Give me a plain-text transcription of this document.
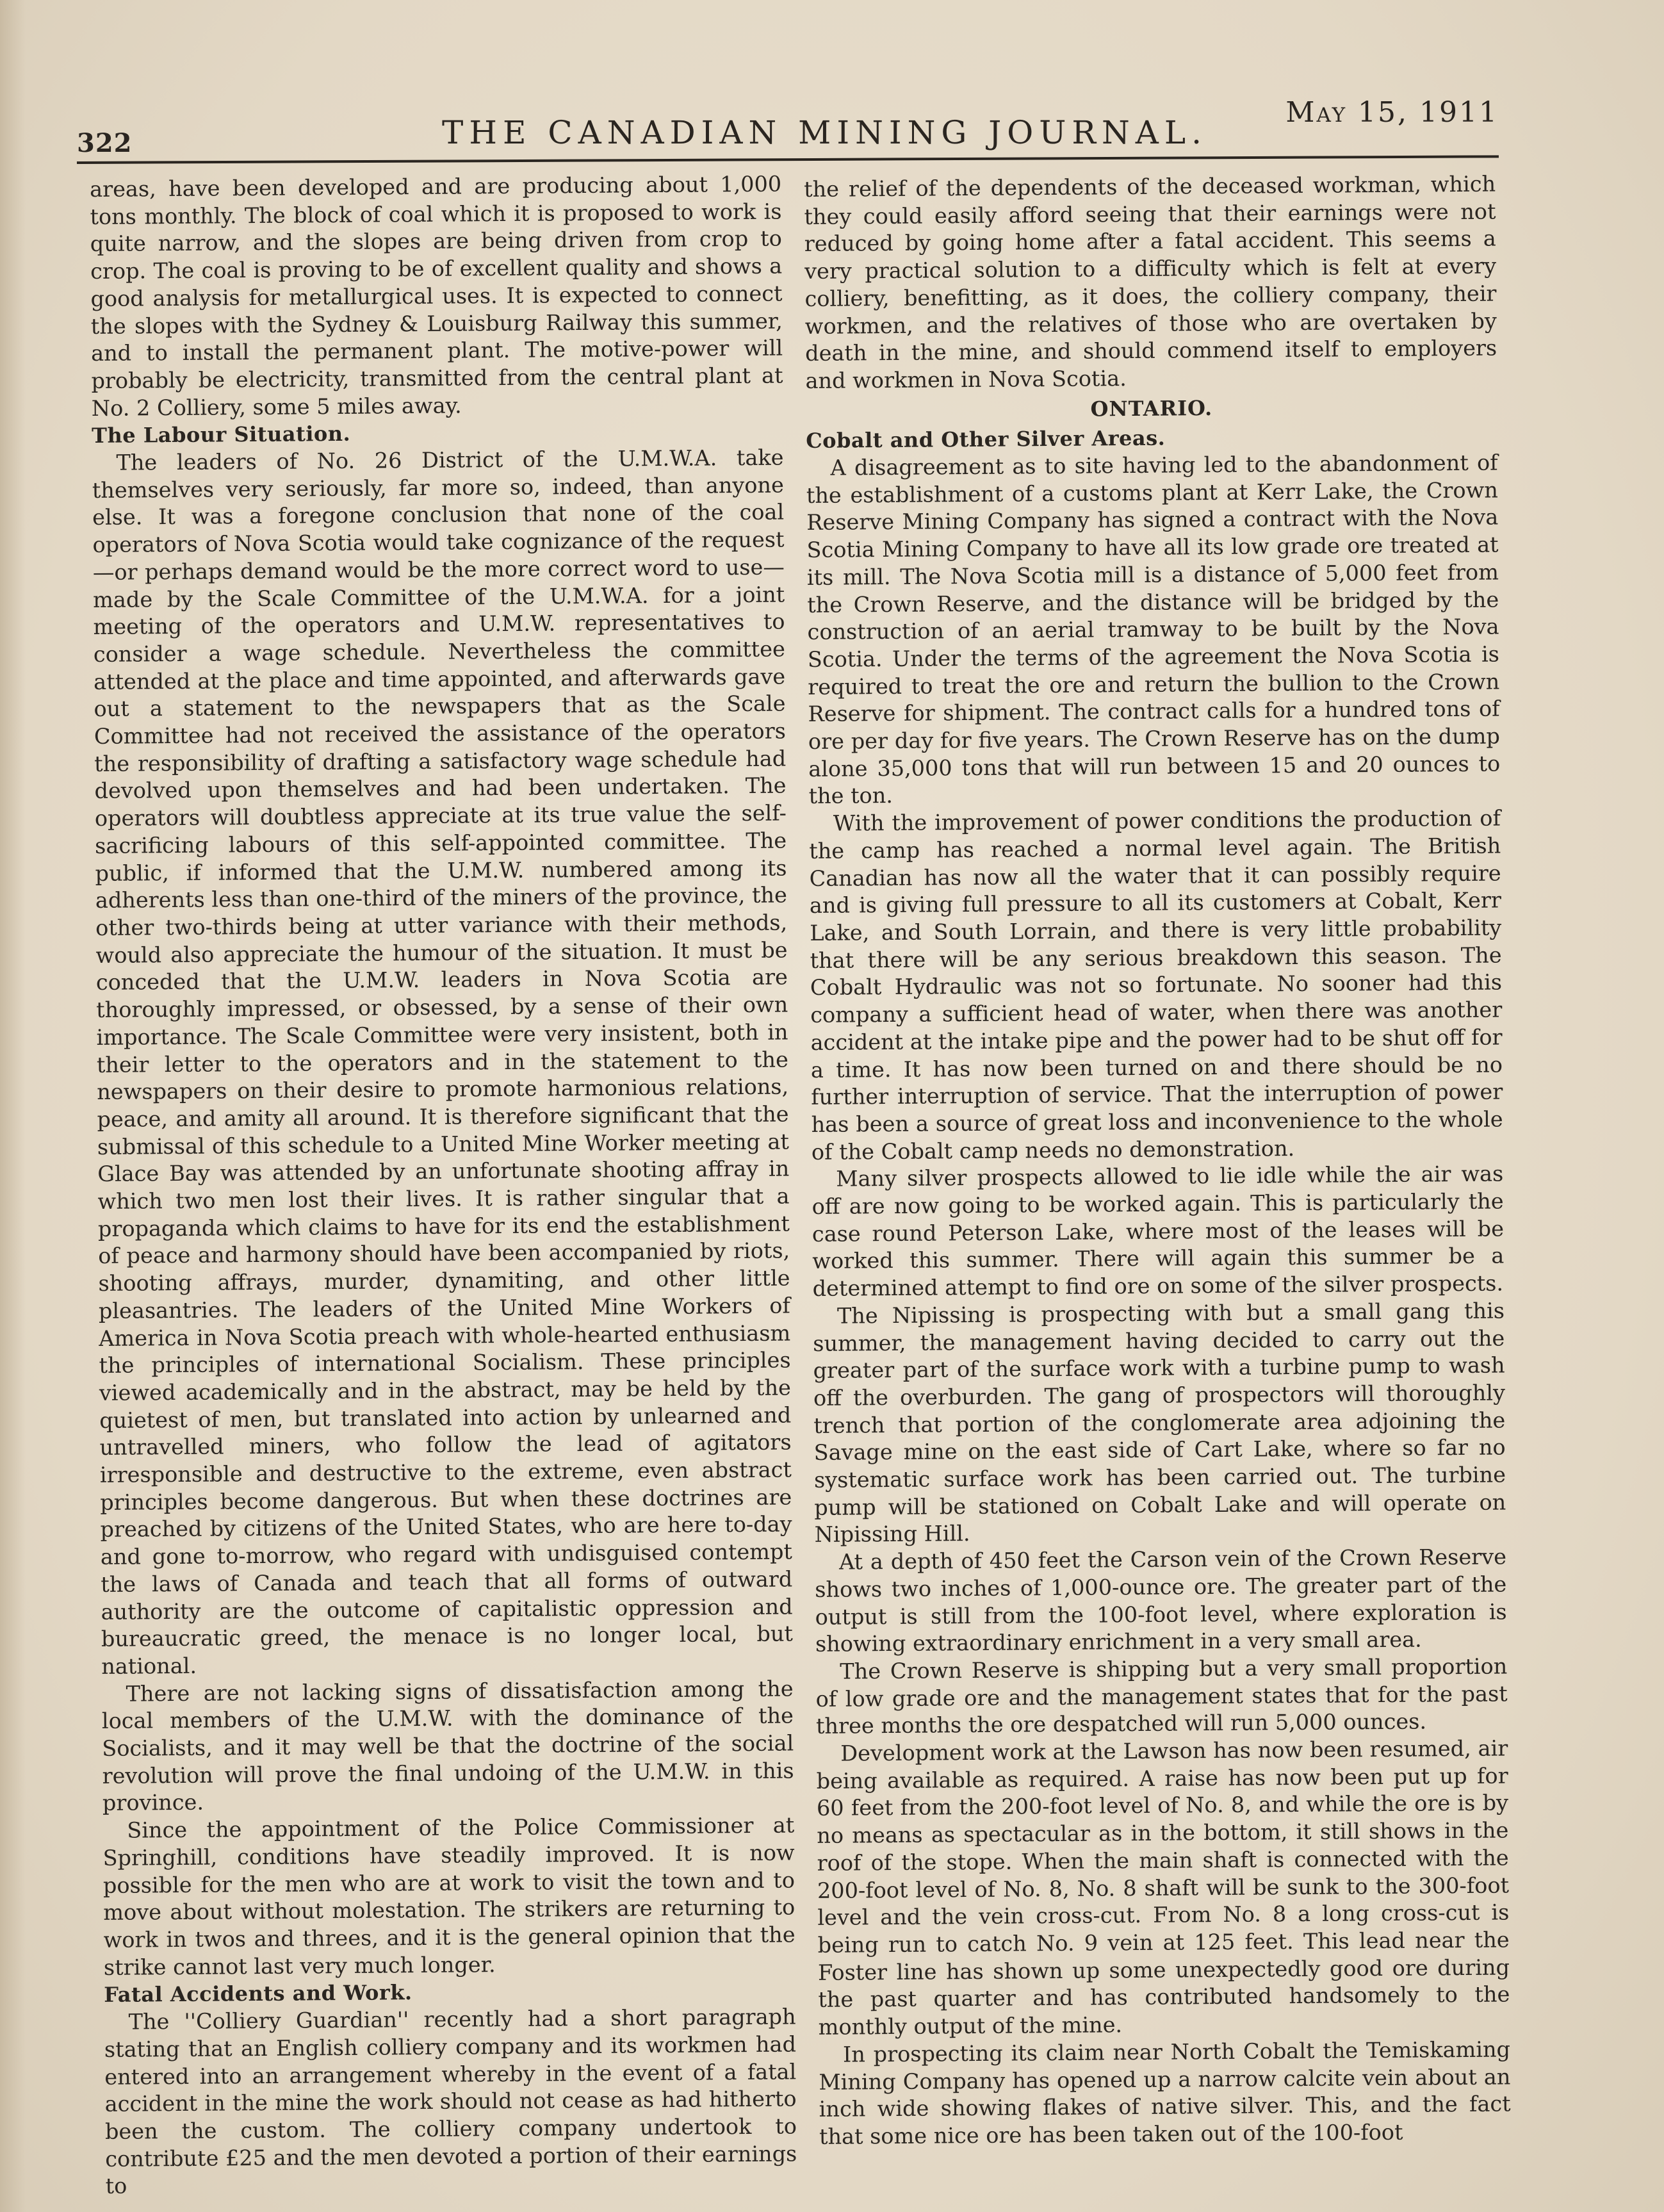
322	THE CANADIAN MINING JOURNAL.
May 15, 1911

areas, have been developed and are producing about 1,000 tons monthly. The block of coal which it is proposed to work is quite narrow, and the slopes are being driven from crop to crop. The coal is proving to be of excellent quality and shows a good analysis for metallurgical uses. It is expected to connect the slopes with the Sydney & Louisburg Railway this summer, and to install the permanent plant. The motive-power will probably be electricity, transmitted from the central plant at No. 2 Colliery, some 5 miles away.

The Labour Situation.

The leaders of No. 26 District of the U.M.W.A. take themselves very seriously, far more so, indeed, than anyone else. It was a foregone conclusion that none of the coal operators of Nova Scotia would take cognizance of the request—or perhaps demand would be the more correct word to use—made by the Scale Committee of the U.M.W.A. for a joint meeting of the operators and U.M.W. representatives to consider a wage schedule. Nevertheless the committee attended at the place and time appointed, and afterwards gave out a statement to the newspapers that as the Scale Committee had not received the assistance of the operators the responsibility of drafting a satisfactory wage schedule had devolved upon themselves and had been undertaken. The operators will doubtless appreciate at its true value the self-sacrificing labours of this self-appointed committee. The public, if informed that the U.M.W. numbered among its adherents less than one-third of the miners of the province, the other two-thirds being at utter variance with their methods, would also appreciate the humour of the situation. It must be conceded that the U.M.W. leaders in Nova Scotia are thoroughly impressed, or obsessed, by a sense of their own importance. The Scale Committee were very insistent, both in their letter to the operators and in the statement to the newspapers on their desire to promote harmonious relations, peace, and amity all around. It is therefore significant that the submissal of this schedule to a United Mine Worker meeting at Glace Bay was attended by an unfortunate shooting affray in which two men lost their lives. It is rather singular that a propaganda which claims to have for its end the establishment of peace and harmony should have been accompanied by riots, shooting affrays, murder, dynamiting, and other little pleasantries. The leaders of the United Mine Workers of America in Nova Scotia preach with whole-hearted enthusiasm the principles of international Socialism. These principles viewed academically and in the abstract, may be held by the quietest of men, but translated into action by unlearned and untravelled miners, who follow the lead of agitators irresponsible and destructive to the extreme, even abstract principles become dangerous. But when these doctrines are preached by citizens of the United States, who are here to-day and gone to-morrow, who regard with undisguised contempt the laws of Canada and teach that all forms of outward authority are the outcome of capitalistic oppression and bureaucratic greed, the menace is no longer local, but national.

There are not lacking signs of dissatisfaction among the local members of the U.M.W. with the dominance of the Socialists, and it may well be that the doctrine of the social revolution will prove the final undoing of the U.M.W. in this province.

Since the appointment of the Police Commissioner at Springhill, conditions have steadily improved. It is now possible for the men who are at work to visit the town and to move about without molestation. The strikers are returning to work in twos and threes, and it is the general opinion that the strike cannot last very much longer.

Fatal Accidents and Work.

The ''Colliery Guardian'' recently had a short paragraph stating that an English colliery company and its workmen had entered into an arrangement whereby in the event of a fatal accident in the mine the work should not cease as had hitherto been the custom. The colliery company undertook to contribute £25 and the men devoted a portion of their earnings to

the relief of the dependents of the deceased workman, which they could easily afford seeing that their earnings were not reduced by going home after a fatal accident. This seems a very practical solution to a difficulty which is felt at every colliery, benefitting, as it does, the colliery company, their workmen, and the relatives of those who are overtaken by death in the mine, and should commend itself to employers and workmen in Nova Scotia.

ONTARIO.
Cobalt and Other Silver Areas.

A disagreement as to site having led to the abandonment of the establishment of a customs plant at Kerr Lake, the Crown Reserve Mining Company has signed a contract with the Nova Scotia Mining Company to have all its low grade ore treated at its mill. The Nova Scotia mill is a distance of 5,000 feet from the Crown Reserve, and the distance will be bridged by the construction of an aerial tramway to be built by the Nova Scotia. Under the terms of the agreement the Nova Scotia is required to treat the ore and return the bullion to the Crown Reserve for shipment. The contract calls for a hundred tons of ore per day for five years. The Crown Reserve has on the dump alone 35,000 tons that will run between 15 and 20 ounces to the ton.

With the improvement of power conditions the production of the camp has reached a normal level again. The British Canadian has now all the water that it can possibly require and is giving full pressure to all its customers at Cobalt, Kerr Lake, and South Lorrain, and there is very little probability that there will be any serious breakdown this season. The Cobalt Hydraulic was not so fortunate. No sooner had this company a sufficient head of water, when there was another accident at the intake pipe and the power had to be shut off for a time. It has now been turned on and there should be no further interruption of service. That the interruption of power has been a source of great loss and inconvenience to the whole of the Cobalt camp needs no demonstration.

Many silver prospects allowed to lie idle while the air was off are now going to be worked again. This is particularly the case round Peterson Lake, where most of the leases will be worked this summer. There will again this summer be a determined attempt to find ore on some of the silver prospects.

The Nipissing is prospecting with but a small gang this summer, the management having decided to carry out the greater part of the surface work with a turbine pump to wash off the overburden. The gang of prospectors will thoroughly trench that portion of the conglomerate area adjoining the Savage mine on the east side of Cart Lake, where so far no systematic surface work has been carried out. The turbine pump will be stationed on Cobalt Lake and will operate on Nipissing Hill.

At a depth of 450 feet the Carson vein of the Crown Reserve shows two inches of 1,000-ounce ore. The greater part of the output is still from the 100-foot level, where exploration is showing extraordinary enrichment in a very small area.

The Crown Reserve is shipping but a very small proportion of low grade ore and the management states that for the past three months the ore despatched will run 5,000 ounces.

Development work at the Lawson has now been resumed, air being available as required. A raise has now been put up for 60 feet from the 200-foot level of No. 8, and while the ore is by no means as spectacular as in the bottom, it still shows in the roof of the stope. When the main shaft is connected with the 200-foot level of No. 8, No. 8 shaft will be sunk to the 300-foot level and the vein cross-cut. From No. 8 a long cross-cut is being run to catch No. 9 vein at 125 feet. This lead near the Foster line has shown up some unexpectedly good ore during the past quarter and has contributed handsomely to the monthly output of the mine.

In prospecting its claim near North Cobalt the Temiskaming Mining Company has opened up a narrow calcite vein about an inch wide showing flakes of native silver. This, and the fact that some nice ore has been taken out of the 100-foot
